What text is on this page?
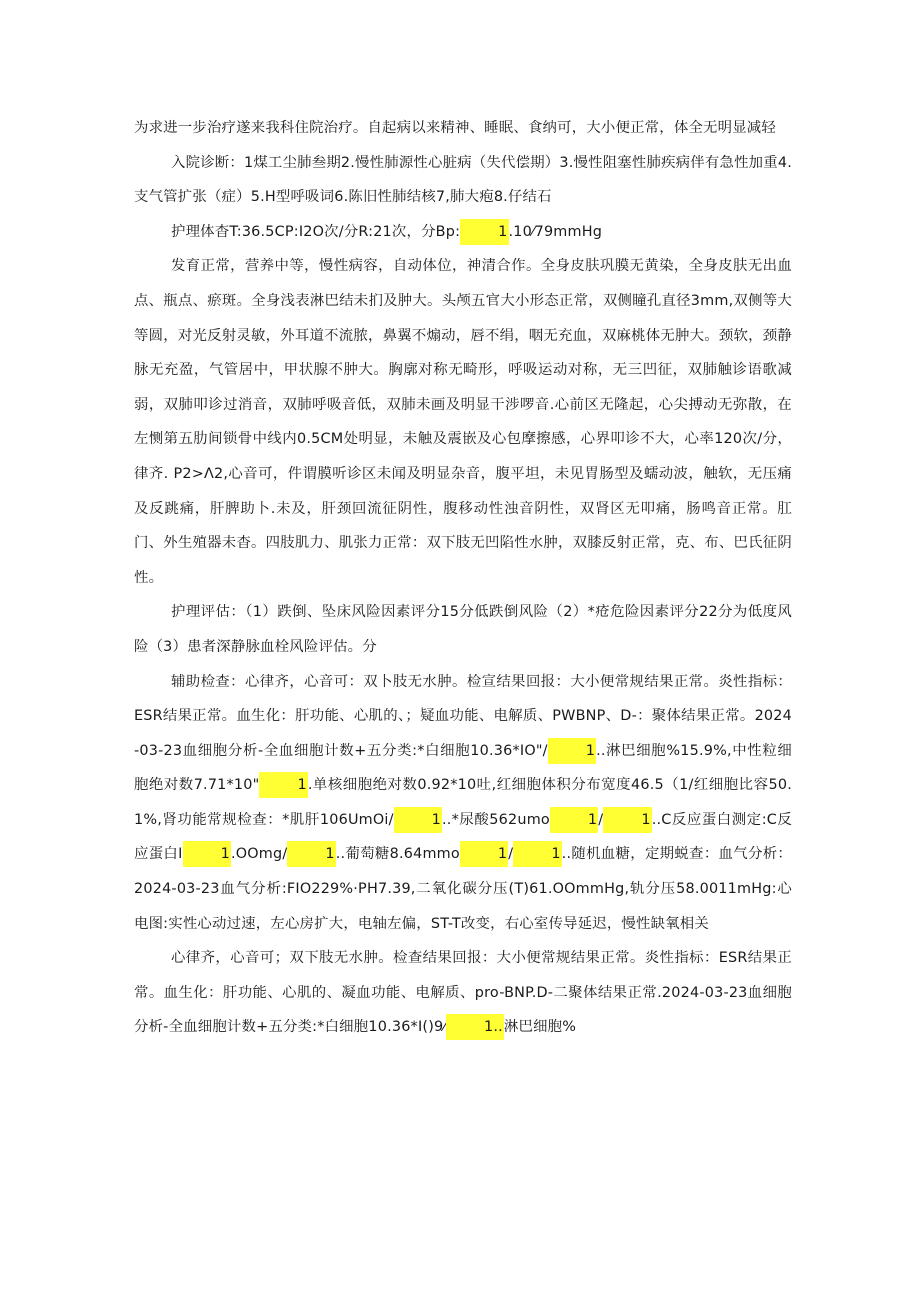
为求进一步治疗遂来我科住院治疗。自起病以来精神、睡眠、食纳可，大小便正常，体全无明显减轻

入院诊断：1煤工尘肺叁期2.慢性肺源性心脏病（失代偿期）3.慢性阻塞性肺疾病伴有急性加重4.支气管扩张（症）5.H型呼吸词6.陈旧性肺结核7,肺大疱8.仔结石

护理体杳T:36.5CP:I2O次/分R:21次，分Bp:	1.10⁄79mmHg

发育正常，营养中等，慢性病容，自动体位，神清合作。全身皮肤巩膜无黄染，全身皮肤无出血点、瓶点、瘀斑。全身浅表淋巴结未扪及肿大。头颅五官大小形态正常，双侧瞳孔直径3mm,双侧等大等圆，对光反射灵敏，外耳道不流脓，鼻翼不煽动，唇不绢，咽无充血，双麻桃体无肿大。颈软，颈静脉无充盈，气管居中，甲状腺不肿大。胸廓对称无畸形，呼吸运动对称，无三凹征，双肺触诊语歌减弱，双肺叩诊过消音，双肺呼吸音低，双肺未画及明显干涉啰音.心前区无隆起，心尖搏动无弥散，在左恻第五肋间锁骨中线内0.5CM处明显，未触及震嵌及心包摩擦感，心界叩诊不大，心率120次/分，律齐. P2>Λ2,心音可，件谓膜听诊区未闻及明显杂音，腹平坦，未见胃肠型及蠕动波，触软，无压痛及反跳痛，肝脾助卜.未及，肝颈回流征阴性，腹移动性浊音阴性，双肾区无叩痛，肠鸣音正常。肛门、外生殖器未杳。四肢肌力、肌张力正常：双下肢无凹陷性水肿，双膝反射正常，克、布、巴氏征阴性。

护理评估：（1）跌倒、坠床风险因素评分15分低跌倒风险（2）*疮危险因素评分22分为低度风险（3）患者深静脉血栓风险评估。分

辅助检查：心律齐，心音可：双卜肢无水肿。检宣结果回报：大小便常规结果正常。炎性指标：ESR结果正常。血生化：肝功能、心肌的、；疑血功能、电解质、PWBNP、D-：聚体结果正常。2024-03-23血细胞分析-全血细胞计数+五分类:*白细胞10.36*IO"/	1..淋巴细胞%15.9%,中性粒细胞绝对数7.71*10"	1.单核细胞绝对数0.92*10吐,红细胞体积分布宽度46.5（1/红细胞比容50.1%,肾功能常规检查：*肌肝106UmOi/	1..*尿酸562umo	1/	1..C反应蛋白测定:C反应蛋白I	1.OOmg/	1..葡萄糖8.64mmo	1/	1..随机血糖，定期蜕查：血气分析：2024-03-23血气分析:FIO229%·PH7.39,二氧化碳分压(T)61.OOmmHg,轨分压58.0011mHg:心电图:实性心动过速，左心房扩大，电轴左偏，ST-T改变，右心室传导延迟，慢性缺氧相关

心律齐，心音可；双下肢无水肿。检查结果回报：大小便常规结果正常。炎性指标：ESR结果正常。血生化：肝功能、心肌的、凝血功能、电解质、pro-BNP.D-二聚体结果正常.2024-03-23血细胞分析-全血细胞计数+五分类:*白细胞10.36*I()9⁄	1..淋巴细胞%
